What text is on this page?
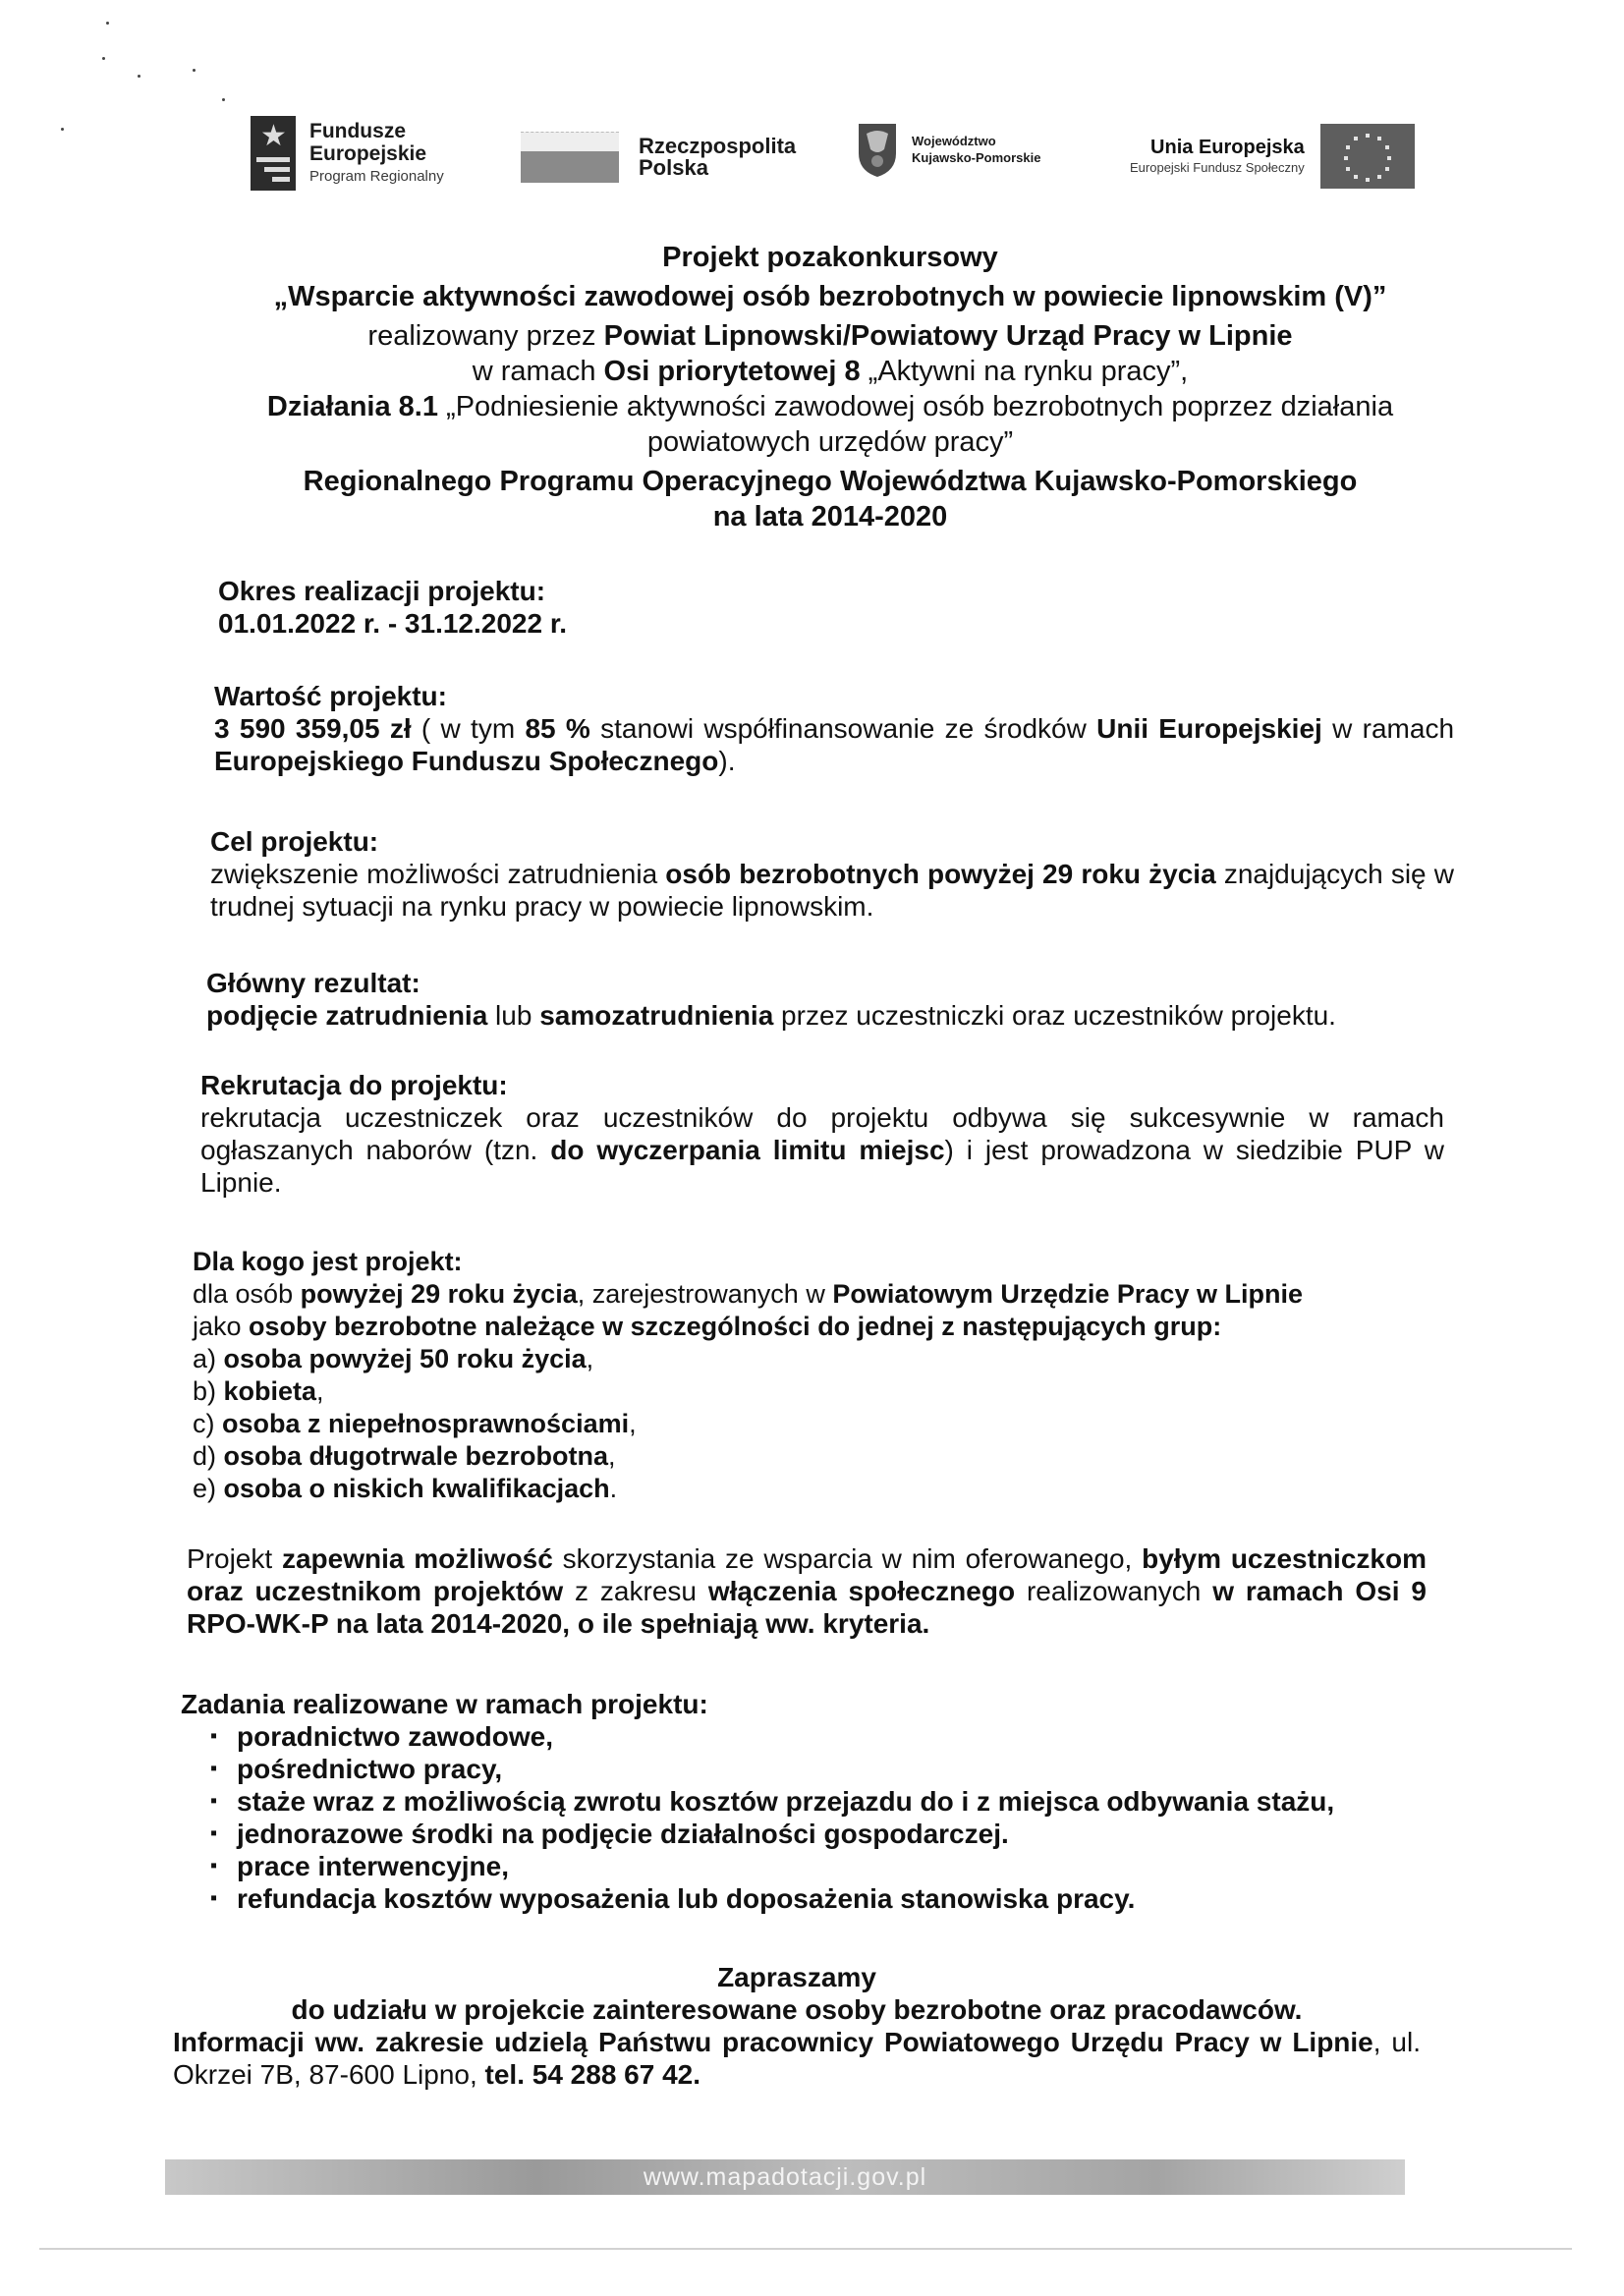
★ Fundusze
Europejskie
Program Regionalny
Rzeczpospolita
Polska
Województwo
Kujawsko-Pomorskie	Unia Europejska
Europejski Fundusz Społeczny
Projekt pozakonkursowy
„Wsparcie aktywności zawodowej osób bezrobotnych w powiecie lipnowskim (V)”
realizowany przez Powiat Lipnowski/Powiatowy Urząd Pracy w Lipnie
w ramach Osi priorytetowej 8 „Aktywni na rynku pracy”,
Działania 8.1 „Podniesienie aktywności zawodowej osób bezrobotnych poprzez działania
powiatowych urzędów pracy”
Regionalnego Programu Operacyjnego Województwa Kujawsko-Pomorskiego
na lata 2014-2020
Okres realizacji projektu:
01.01.2022 r. - 31.12.2022 r.
Wartość projektu:
3 590 359,05 zł ( w tym 85 % stanowi współfinansowanie ze środków Unii Europejskiej w ramach Europejskiego Funduszu Społecznego).
Cel projektu:
zwiększenie możliwości zatrudnienia osób bezrobotnych powyżej 29 roku życia znajdujących się w trudnej sytuacji na rynku pracy w powiecie lipnowskim.
Główny rezultat:
podjęcie zatrudnienia lub samozatrudnienia przez uczestniczki oraz uczestników projektu.
Rekrutacja do projektu:
rekrutacja uczestniczek oraz uczestników do projektu odbywa się sukcesywnie w ramach ogłaszanych naborów (tzn. do wyczerpania limitu miejsc) i jest prowadzona w siedzibie PUP w Lipnie.
Dla kogo jest projekt:
dla osób powyżej 29 roku życia, zarejestrowanych w Powiatowym Urzędzie Pracy w Lipnie
jako osoby bezrobotne należące w szczególności do jednej z następujących grup:
a) osoba powyżej 50 roku życia,
b) kobieta,
c) osoba z niepełnosprawnościami,
d) osoba długotrwale bezrobotna,
e) osoba o niskich kwalifikacjach.
Projekt zapewnia możliwość skorzystania ze wsparcia w nim oferowanego, byłym uczestniczkom oraz uczestnikom projektów z zakresu włączenia społecznego realizowanych w ramach Osi 9 RPO-WK-P na lata 2014-2020, o ile spełniają ww. kryteria.
Zadania realizowane w ramach projektu:
▪ poradnictwo zawodowe,
▪ pośrednictwo pracy,
▪ staże wraz z możliwością zwrotu kosztów przejazdu do i z miejsca odbywania stażu,
▪ jednorazowe środki na podjęcie działalności gospodarczej.
▪ prace interwencyjne,
▪ refundacja kosztów wyposażenia lub doposażenia stanowiska pracy.
Zapraszamy
do udziału w projekcie zainteresowane osoby bezrobotne oraz pracodawców.
Informacji ww. zakresie udzielą Państwu pracownicy Powiatowego Urzędu Pracy w Lipnie, ul. Okrzei 7B, 87-600 Lipno, tel. 54 288 67 42.
www.mapadotacji.gov.pl
